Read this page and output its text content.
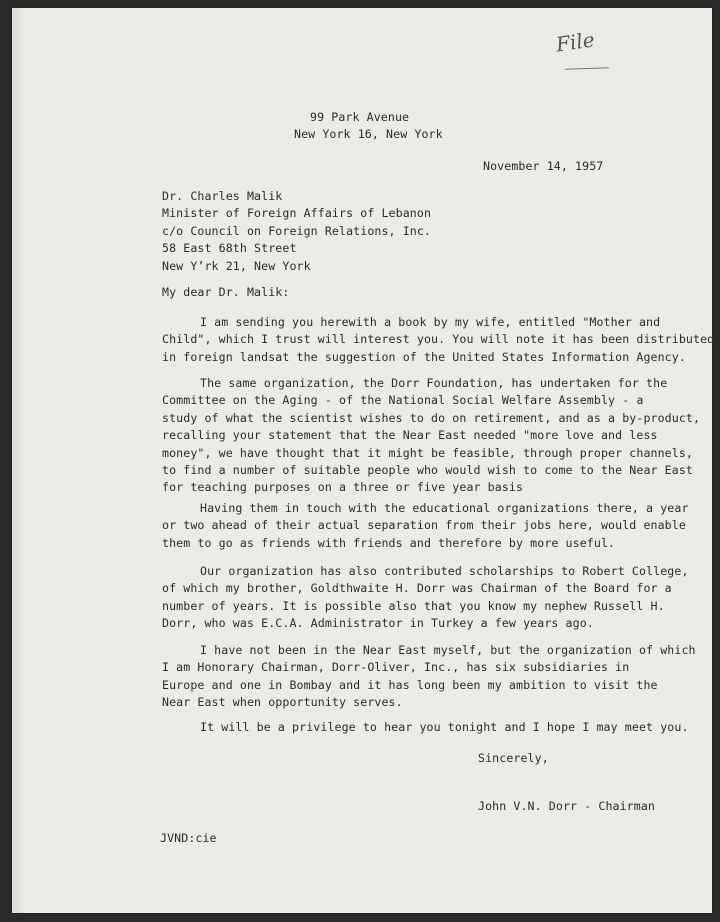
File
99 Park Avenue
New York 16, New York
November 14, 1957
Dr. Charles Malik
Minister of Foreign Affairs of Lebanon
c/o Council on Foreign Relations, Inc.
58 East 68th Street
New Y’rk 21, New York
My dear Dr. Malik:
I am sending you herewith a book by my wife, entitled "Mother and
Child", which I trust will interest you. You will note it has been distributed
in foreign landsat the suggestion of the United States Information Agency.
The same organization, the Dorr Foundation, has undertaken for the
Committee on the Aging - of the National Social Welfare Assembly - a
study of what the scientist wishes to do on retirement, and as a by-product,
recalling your statement that the Near East needed "more love and less
money", we have thought that it might be feasible, through proper channels,
to find a number of suitable people who would wish to come to the Near East
for teaching purposes on a three or five year basis
Having them in touch with the educational organizations there, a year
or two ahead of their actual separation from their jobs here, would enable
them to go as friends with friends and therefore by more useful.
Our organization has also contributed scholarships to Robert College,
of which my brother, Goldthwaite H. Dorr was Chairman of the Board for a
number of years. It is possible also that you know my nephew Russell H.
Dorr, who was E.C.A. Administrator in Turkey a few years ago.
I have not been in the Near East myself, but the organization of which
I am Honorary Chairman, Dorr-Oliver, Inc., has six subsidiaries in
Europe and one in Bombay and it has long been my ambition to visit the
Near East when opportunity serves.
It will be a privilege to hear you tonight and I hope I may meet you.
Sincerely,
John V.N. Dorr - Chairman
JVND:cie
